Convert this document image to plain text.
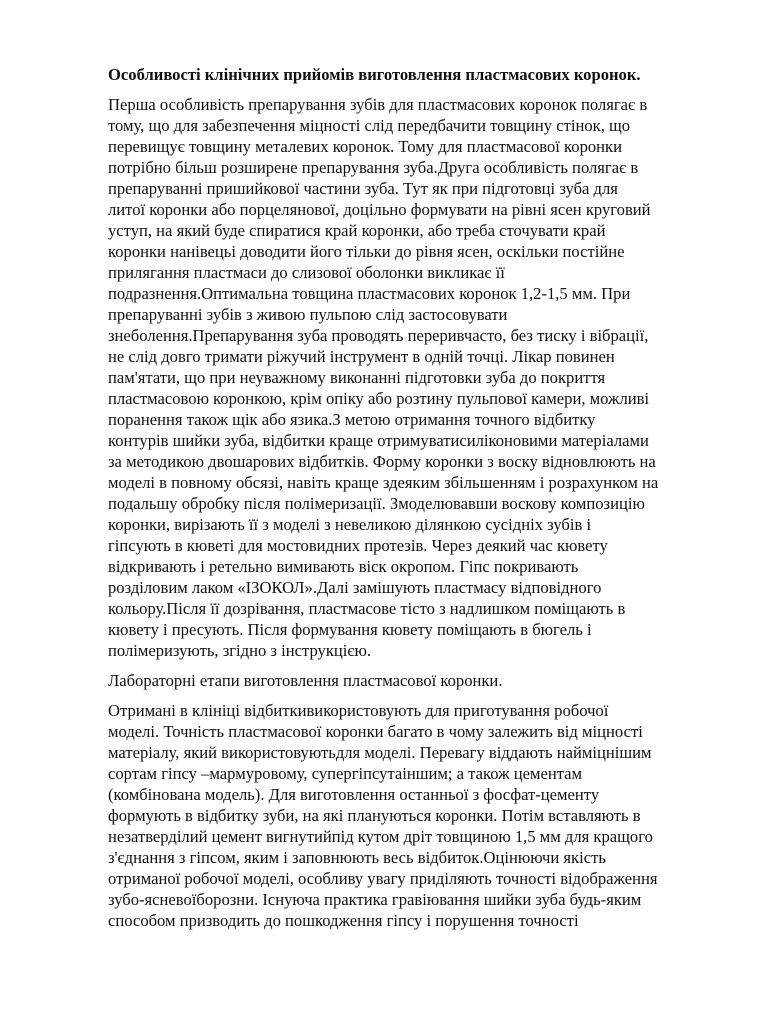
Особливості клінічних прийомів виготовлення пластмасових коронок.
Перша особливість препарування зубів для пластмасових коронок полягає в
тому, що для забезпечення міцності слід передбачити товщину стінок, що
перевищує товщину металевих коронок. Тому для пластмасової коронки
потрібно більш розширене препарування зуба.Друга особливість полягає в
препаруванні пришийкової частини зуба. Тут як при підготовці зуба для
литої коронки або порцелянової, доцільно формувати на рівні ясен круговий
уступ, на який буде спиратися край коронки, або треба сточувати край
коронки нанівецьі доводити його тільки до рівня ясен, оскільки постійне
прилягання пластмаси до слизової оболонки викликає її
подразнення.Оптимальна товщина пластмасових коронок 1,2-1,5 мм. При
препаруванні зубів з живою пульпою слід застосовувати
знеболення.Препарування зуба проводять переривчасто, без тиску і вібрації,
не слід довго тримати ріжучий інструмент в одній точці. Лікар повинен
пам'ятати, що при неуважному виконанні підготовки зуба до покриття
пластмасовою коронкою, крім опіку або розтину пульпової камери, можливі
поранення також щік або язика.З метою отримання точного відбитку
контурів шийки зуба, відбитки краще отримуватисиліконовими матеріалами
за методикою двошарових відбитків. Форму коронки з воску відновлюють на
моделі в повному обсязі, навіть краще здеяким збільшенням і розрахунком на
подальшу обробку після полімеризації. Змоделювавши воскову композицію
коронки, вирізають її з моделі з невеликою ділянкою сусідніх зубів і
гіпсують в кюветі для мостовидних протезів. Через деякий час кювету
відкривають і ретельно вимивають віск окропом. Гіпс покривають
розділовим лаком «ІЗОКОЛ».Далі замішують пластмасу відповідного
кольору.Після її дозрівання, пластмасове тісто з надлишком поміщають в
кювету і пресують. Після формування кювету поміщають в бюгель і
полімеризують, згідно з інструкцією.
Лабораторні етапи виготовлення пластмасової коронки.
Отримані в клініці відбиткивикористовують для приготування робочої
моделі. Точність пластмасової коронки багато в чому залежить від міцності
матеріалу, який використовуютьдля моделі. Перевагу віддають найміцнішим
сортам гіпсу –мармуровому, супергіпсутаіншим; а також цементам
(комбінована модель). Для виготовлення останньої з фосфат-цементу
формують в відбитку зуби, на які плануються коронки. Потім вставляють в
незатверділий цемент вигнутийпід кутом дріт товщиною 1,5 мм для кращого
з'єднання з гіпсом, яким і заповнюють весь відбиток.Оцінюючи якість
отриманої робочої моделі, особливу увагу приділяють точності відображення
зубо-ясневоїборозни. Існуюча практика гравіювання шийки зуба будь-яким
способом призводить до пошкодження гіпсу і порушення точності
